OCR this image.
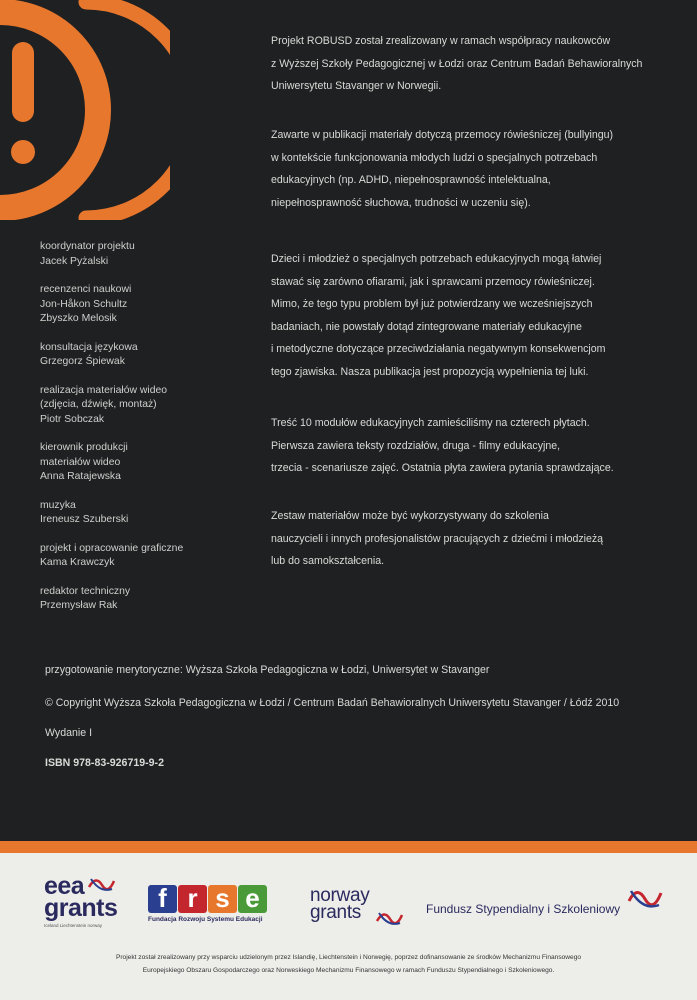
Projekt ROBUSD został zrealizowany w ramach współpracy naukowców
z Wyższej Szkoły Pedagogicznej w Łodzi oraz Centrum Badań Behawioralnych
Uniwersytetu Stavanger w Norwegii.

Zawarte w publikacji materiały dotyczą przemocy rówieśniczej (bullyingu)
w kontekście funkcjonowania młodych ludzi o specjalnych potrzebach
edukacyjnych (np. ADHD, niepełnosprawność intelektualna,
niepełnosprawność słuchowa, trudności w uczeniu się).

Dzieci i młodzież o specjalnych potrzebach edukacyjnych mogą łatwiej
stawać się zarówno ofiarami, jak i sprawcami przemocy rówieśniczej.
Mimo, że tego typu problem był już potwierdzany we wcześniejszych
badaniach, nie powstały dotąd zintegrowane materiały edukacyjne
i metodyczne dotyczące przeciwdziałania negatywnym konsekwencjom
tego zjawiska. Nasza publikacja jest propozycją wypełnienia tej luki.

Treść 10 modułów edukacyjnych zamieściliśmy na czterech płytach.
Pierwsza zawiera teksty rozdziałów, druga - filmy edukacyjne,
trzecia - scenariusze zajęć. Ostatnia płyta zawiera pytania sprawdzające.

Zestaw materiałów może być wykorzystywany do szkolenia
nauczycieli i innych profesjonalistów pracujących z dziećmi i młodzieżą
lub do samokształcenia.

koordynator projektu
Jacek Pyżalski
recenzenci naukowi
Jon-Håkon Schultz
Zbyszko Melosik
konsultacja językowa
Grzegorz Śpiewak
realizacja materiałów wideo
(zdjęcia, dźwięk, montaż)
Piotr Sobczak
kierownik produkcji
materiałów wideo
Anna Ratajewska
muzyka
Ireneusz Szuberski
projekt i opracowanie graficzne
Kama Krawczyk
redaktor techniczny
Przemysław Rak
przygotowanie merytoryczne: Wyższa Szkoła Pedagogiczna w Łodzi, Uniwersytet w Stavanger
© Copyright Wyższa Szkoła Pedagogiczna w Łodzi / Centrum Badań Behawioralnych Uniwersytetu Stavanger / Łódź 2010
Wydanie I
ISBN 978-83-926719-9-2
eea
grants
Iceland Liechtenstein norway
f r s e
Fundacja Rozwoju Systemu Edukacji
norway
grants	Fundusz Stypendialny i Szkoleniowy
Projekt został zrealizowany przy wsparciu udzielonym przez Islandię, Liechtenstein i Norwegię, poprzez dofinansowanie ze środków Mechanizmu Finansowego
Europejskiego Obszaru Gospodarczego oraz Norweskiego Mechanizmu Finansowego w ramach Funduszu Stypendialnego i Szkoleniowego.
